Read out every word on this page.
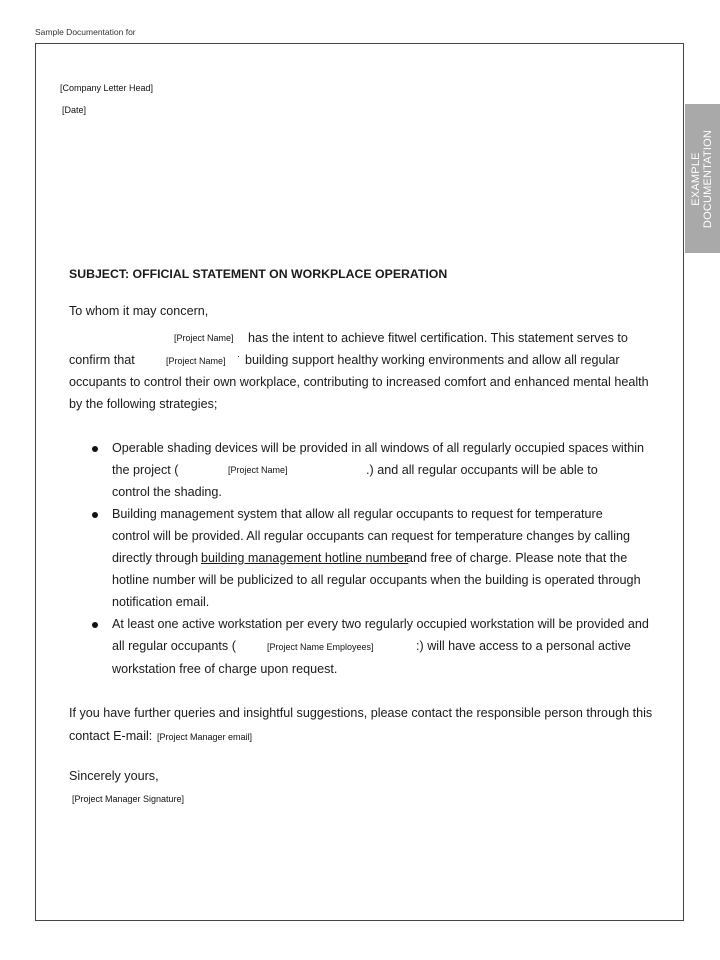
Sample Documentation for
EXAMPLE DOCUMENTATION
[Company Letter Head]
[Date]
SUBJECT: OFFICIAL STATEMENT ON WORKPLACE OPERATION
To whom it may concern,
[Project Name] has the intent to achieve fitwel certification. This statement serves to
confirm that	[Project Name] · building support healthy working environments and allow all regular
occupants to control their own workplace, contributing to increased comfort and enhanced mental health
by the following strategies;
Operable shading devices will be provided in all windows of all regularly occupied spaces within
the project (	[Project Name]	.) and all regular occupants will be able to
control the shading.
Building management system that allow all regular occupants to request for temperature
control will be provided. All regular occupants can request for temperature changes by calling
directly through building management hotline number
and free of charge. Please note that the
hotline number will be publicized to all regular occupants when the building is operated through
notification email.
At least one active workstation per every two regularly occupied workstation will be provided and
all regular occupants (	[Project Name Employees]	:) will have access to a personal active
workstation free of charge upon request.
If you have further queries and insightful suggestions, please contact the responsible person through this
contact E-mail: [Project Manager email]
Sincerely yours,
[Project Manager Signature]
